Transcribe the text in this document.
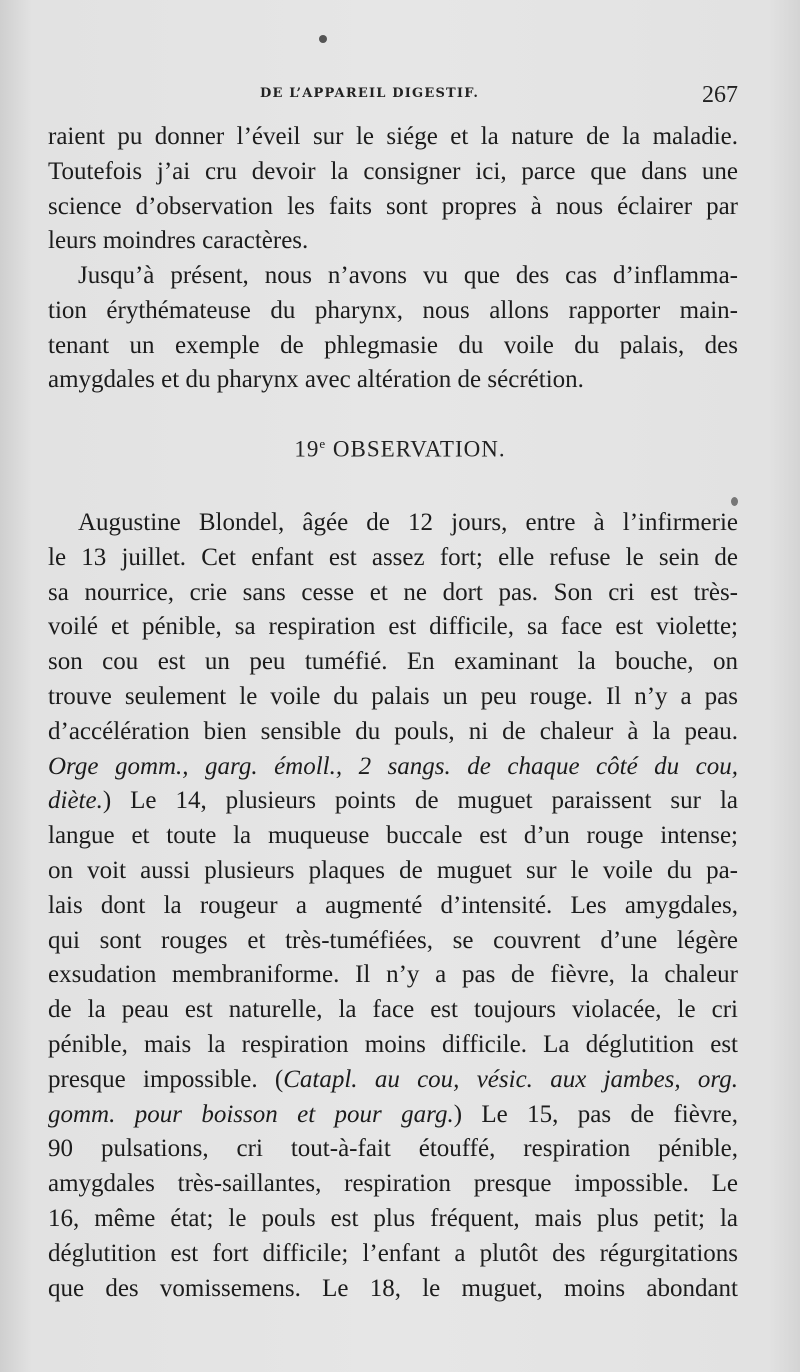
DE L’APPAREIL DIGESTIF.	267
raient pu donner l’éveil sur le siége et la nature de la maladie.
Toutefois j’ai cru devoir la consigner ici, parce que dans une
science d’observation les faits sont propres à nous éclairer par
leurs moindres caractères.
Jusqu’à présent, nous n’avons vu que des cas d’inflamma-
tion érythémateuse du pharynx, nous allons rapporter main-
tenant un exemple de phlegmasie du voile du palais, des
amygdales et du pharynx avec altération de sécrétion.
19e OBSERVATION.
Augustine Blondel, âgée de 12 jours, entre à l’infirmerie
le 13 juillet. Cet enfant est assez fort; elle refuse le sein de
sa nourrice, crie sans cesse et ne dort pas. Son cri est très-
voilé et pénible, sa respiration est difficile, sa face est violette;
son cou est un peu tuméfié. En examinant la bouche, on
trouve seulement le voile du palais un peu rouge. Il n’y a pas
d’accélération bien sensible du pouls, ni de chaleur à la peau.
Orge gomm., garg. émoll., 2 sangs. de chaque côté du cou,
diète.) Le 14, plusieurs points de muguet paraissent sur la
langue et toute la muqueuse buccale est d’un rouge intense;
on voit aussi plusieurs plaques de muguet sur le voile du pa-
lais dont la rougeur a augmenté d’intensité. Les amygdales,
qui sont rouges et très-tuméfiées, se couvrent d’une légère
exsudation membraniforme. Il n’y a pas de fièvre, la chaleur
de la peau est naturelle, la face est toujours violacée, le cri
pénible, mais la respiration moins difficile. La déglutition est
presque impossible. (Catapl. au cou, vésic. aux jambes, org.
gomm. pour boisson et pour garg.) Le 15, pas de fièvre,
90 pulsations, cri tout-à-fait étouffé, respiration pénible,
amygdales très-saillantes, respiration presque impossible. Le
16, même état; le pouls est plus fréquent, mais plus petit; la
déglutition est fort difficile; l’enfant a plutôt des régurgitations
que des vomissemens. Le 18, le muguet, moins abondant
